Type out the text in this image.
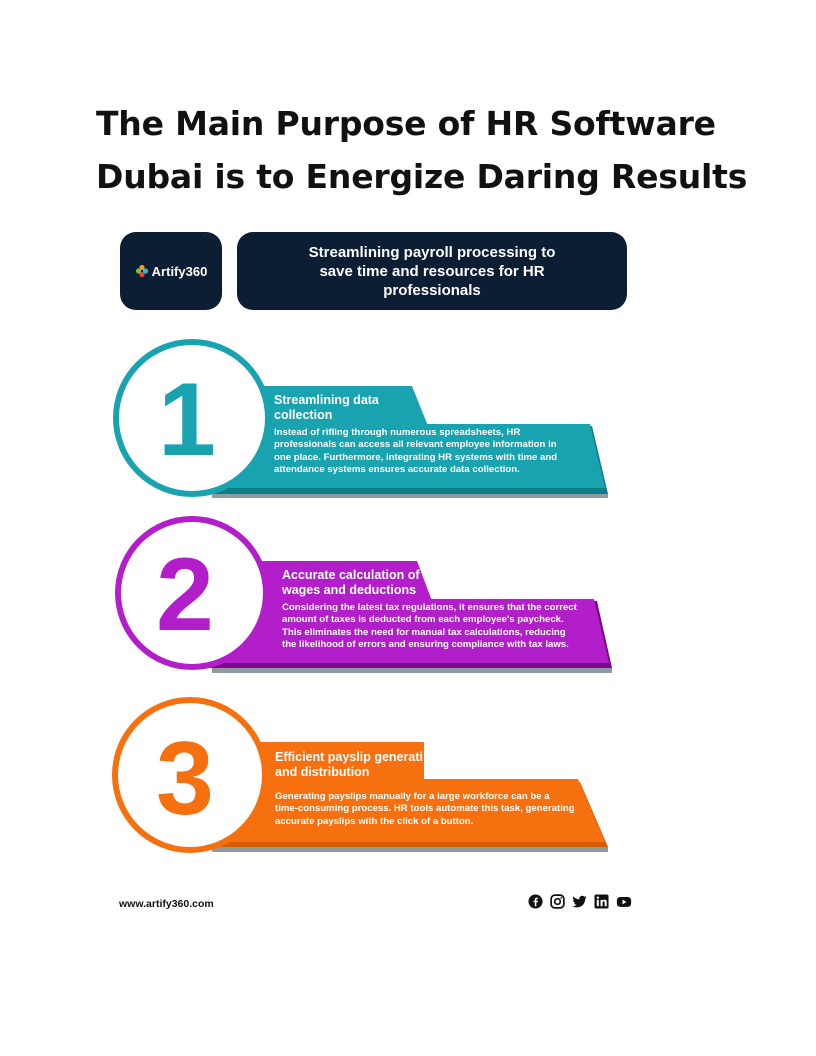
The Main Purpose of HR Software Dubai is to Energize Daring Results
Artify360
Streamlining payroll processing to save time and resources for HR professionals
1	Streamlining data collection
Instead of rifling through numerous spreadsheets, HR professionals can access all relevant employee information in one place. Furthermore, integrating HR systems with time and attendance systems ensures accurate data collection.
2	Accurate calculation of wages and deductions
Considering the latest tax regulations, it ensures that the correct amount of taxes is deducted from each employee's paycheck. This eliminates the need for manual tax calculations, reducing the likelihood of errors and ensuring compliance with tax laws.
3	Efficient payslip generati
and distribution
Generating payslips manually for a large workforce can be a time-consuming process. HR tools automate this task, generating accurate payslips with the click of a button.
www.artify360.com
